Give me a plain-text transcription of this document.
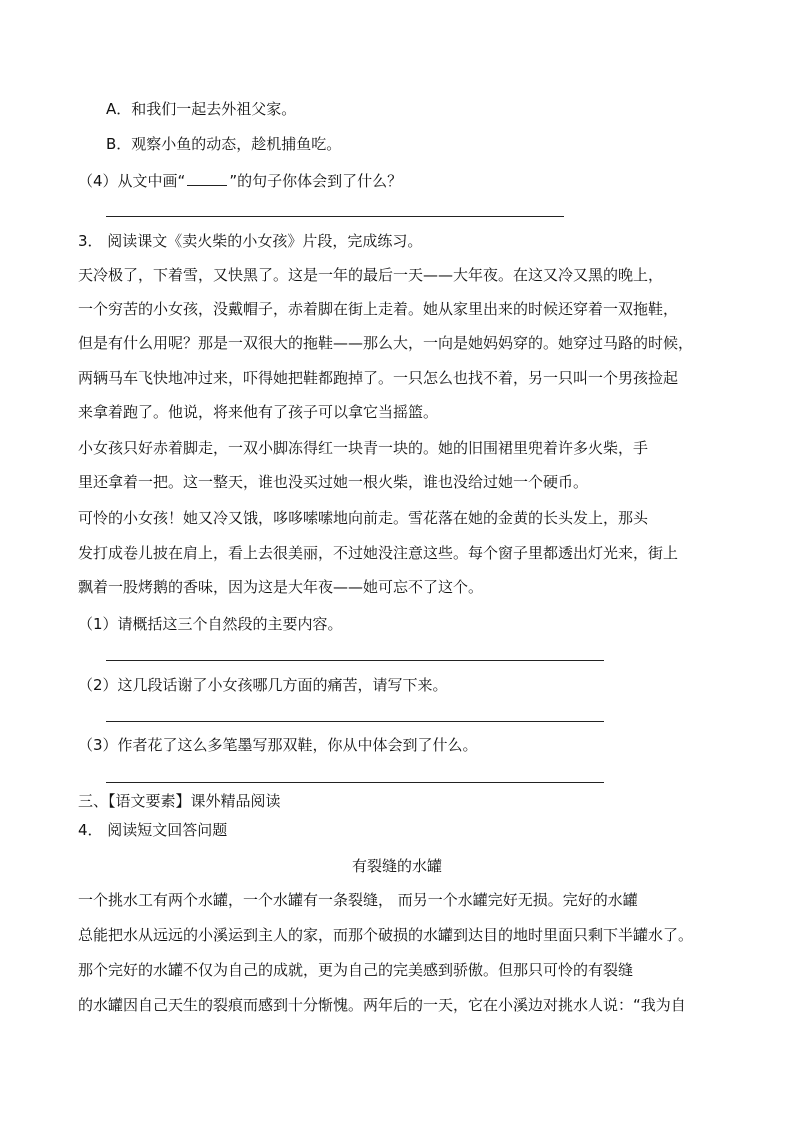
A．和我们一起去外祖父家。
B．观察小鱼的动态，趁机捕鱼吃。
（4）从文中画“	”的句子你体会到了什么？
3． 阅读课文《卖火柴的小女孩》片段，完成练习。
天冷极了，下着雪，又快黑了。这是一年的最后一天——大年夜。在这又冷又黑的晚上，
一个穷苦的小女孩，没戴帽子，赤着脚在街上走着。她从家里出来的时候还穿着一双拖鞋，
但是有什么用呢？那是一双很大的拖鞋——那么大，一向是她妈妈穿的。她穿过马路的时候，
两辆马车飞快地冲过来，吓得她把鞋都跑掉了。一只怎么也找不着，另一只叫一个男孩捡起
来拿着跑了。他说，将来他有了孩子可以拿它当摇篮。
小女孩只好赤着脚走，一双小脚冻得红一块青一块的。她的旧围裙里兜着许多火柴，手
里还拿着一把。这一整天，谁也没买过她一根火柴，谁也没给过她一个硬币。
可怜的小女孩！她又冷又饿，哆哆嗦嗦地向前走。雪花落在她的金黄的长头发上，那头
发打成卷儿披在肩上，看上去很美丽，不过她没注意这些。每个窗子里都透出灯光来，街上
飘着一股烤鹅的香味，因为这是大年夜——她可忘不了这个。
（1）请概括这三个自然段的主要内容。
（2）这几段话谢了小女孩哪几方面的痛苦，请写下来。
（3）作者花了这么多笔墨写那双鞋，你从中体会到了什么。
三、【语文要素】课外精品阅读
4． 阅读短文回答问题
有裂缝的水罐
一个挑水工有两个水罐，一个水罐有一条裂缝， 而另一个水罐完好无损。完好的水罐
总能把水从远远的小溪运到主人的家，而那个破损的水罐到达目的地时里面只剩下半罐水了。
那个完好的水罐不仅为自己的成就，更为自己的完美感到骄傲。但那只可怜的有裂缝
的水罐因自己天生的裂痕而感到十分惭愧。两年后的一天，它在小溪边对挑水人说：“我为自
